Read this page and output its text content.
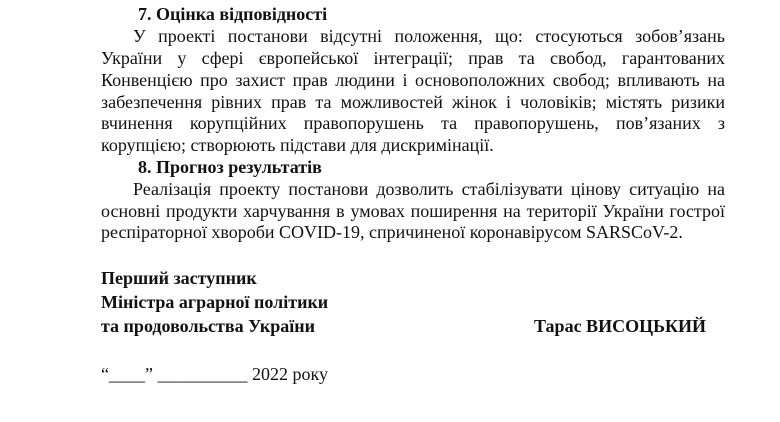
7. Оцінка відповідності
У проекті постанови відсутні положення, що: стосуються зобов’язань
України у сфері європейської інтеграції; прав та свобод, гарантованих
Конвенцією про захист прав людини і основоположних свобод; впливають на
забезпечення рівних прав та можливостей жінок і чоловіків; містять ризики
вчинення корупційних правопорушень та правопорушень, пов’язаних з
корупцією; створюють підстави для дискримінації.
8. Прогноз результатів
Реалізація проекту постанови дозволить стабілізувати цінову ситуацію на
основні продукти харчування в умовах поширення на території України гострої
респіраторної хвороби COVID-19, спричиненої коронавірусом SARSCoV-2.
Перший заступник
Міністра аграрної політики
та продовольства України	Тарас ВИСОЦЬКИЙ
“____” __________ 2022 року
